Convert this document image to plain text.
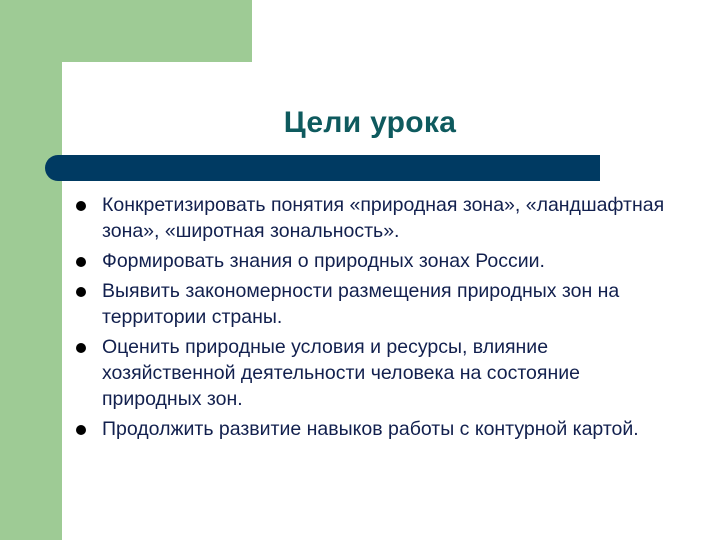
Цели урока
Конкретизировать понятия «природная зона», «ландшафтная зона», «широтная зональность».
Формировать знания о природных зонах России.
Выявить закономерности размещения природных зон на территории страны.
Оценить природные условия и ресурсы, влияние хозяйственной деятельности человека на состояние природных зон.
Продолжить развитие навыков работы с контурной картой.
